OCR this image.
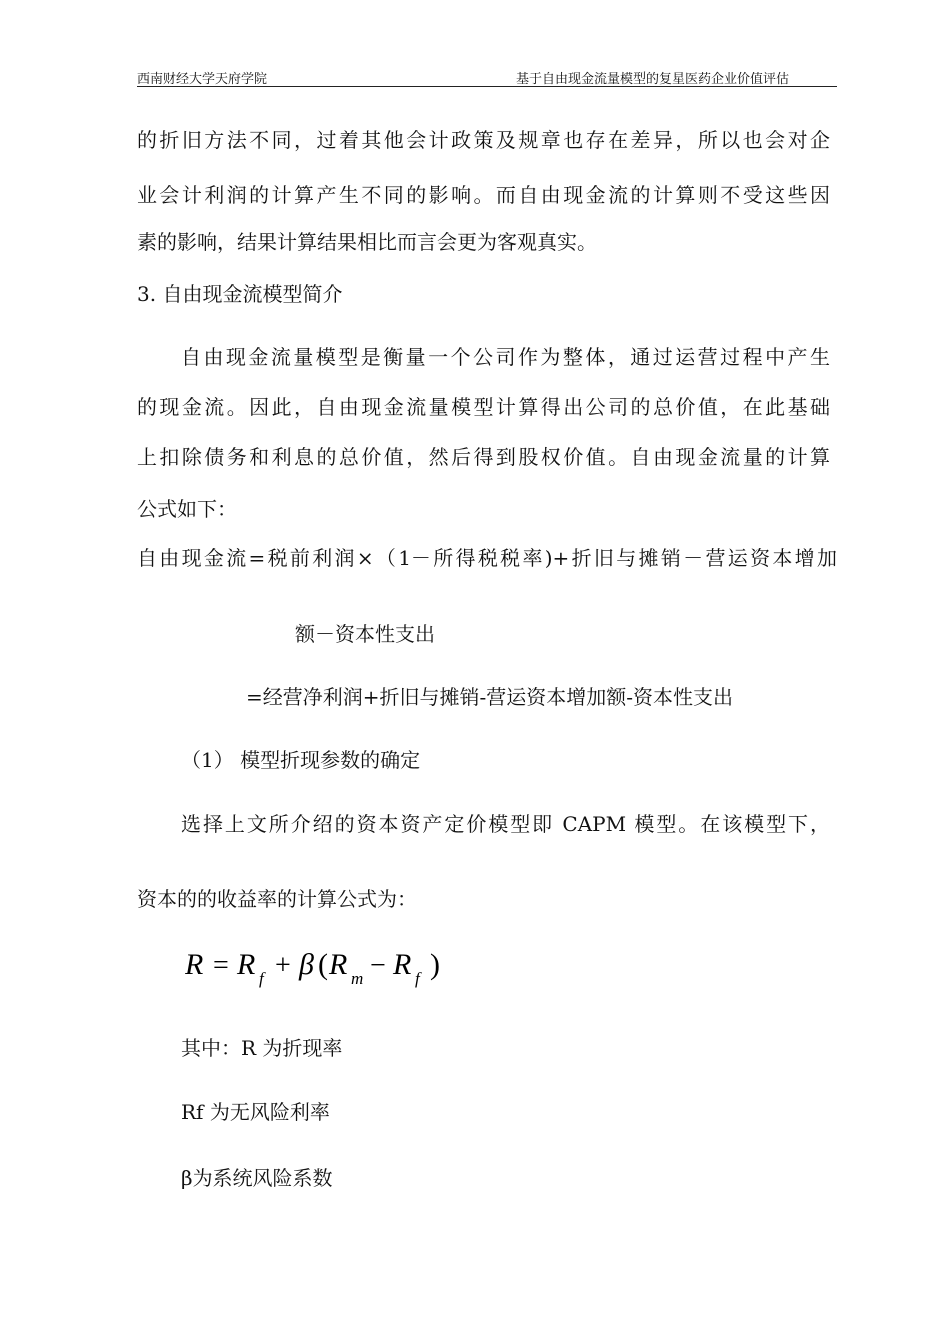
西南财经大学天府学院	基于自由现金流量模型的复星医药企业价值评估
的折旧方法不同，过着其他会计政策及规章也存在差异，所以也会对企
业会计利润的计算产生不同的影响。而自由现金流的计算则不受这些因
素的影响，结果计算结果相比而言会更为客观真实。
3. 自由现金流模型简介
自由现金流量模型是衡量一个公司作为整体，通过运营过程中产生
的现金流。因此，自由现金流量模型计算得出公司的总价值，在此基础
上扣除债务和利息的总价值，然后得到股权价值。自由现金流量的计算
公式如下：
自由现金流=税前利润×（1－所得税税率)+折旧与摊销－营运资本增加
额－资本性支出
=经营净利润+折旧与摊销-营运资本增加额-资本性支出
（1） 模型折现参数的确定
选择上文所介绍的资本资产定价模型即 CAPM 模型。在该模型下，
资本的的收益率的计算公式为：
R = R f + β ( R m − R f )
其中：R 为折现率
Rf 为无风险利率
β为系统风险系数
